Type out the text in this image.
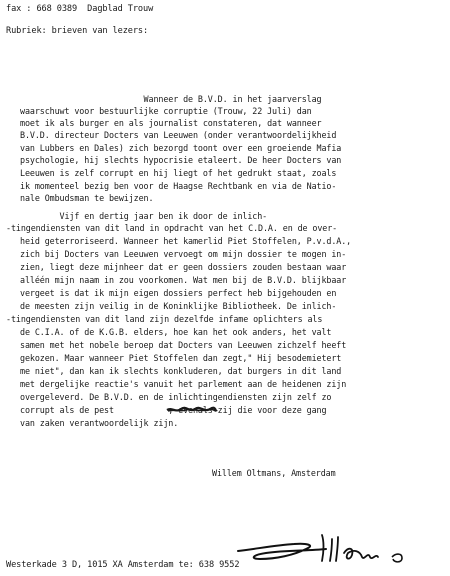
fax : 668 0389  Dagblad Trouw
Rubriek: brieven van lezers:
Wanneer de B.V.D. in het jaarverslag
waarschuwt voor bestuurlijke corruptie (Trouw, 22 Juli) dan
moet ik als burger en als journalist constateren, dat wanneer
B.V.D. directeur Docters van Leeuwen (onder verantwoordelijkheid
van Lubbers en Dales) zich bezorgd toont over een groeiende Mafia
psychologie, hij slechts hypocrisie etaleert. De heer Docters van
Leeuwen is zelf corrupt en hij liegt of het gedrukt staat, zoals
ik momenteel bezig ben voor de Haagse Rechtbank en via de Natio-
nale Ombudsman te bewijzen.
Vijf en dertig jaar ben ik door de inlich-
-tingendiensten van dit land in opdracht van het C.D.A. en de over-
heid geterroriseerd. Wanneer het kamerlid Piet Stoffelen, P.v.d.A.,
zich bij Docters van Leeuwen vervoegt om mijn dossier te mogen in-
zien, liegt deze mijnheer dat er geen dossiers zouden bestaan waar
alléén mijn naam in zou voorkomen. Wat men bij de B.V.D. blijkbaar
vergeet is dat ik mijn eigen dossiers perfect heb bijgehouden en
de meesten zijn veilig in de Koninklijke Bibliotheek. De inlich-
-tingendiensten van dit land zijn dezelfde infame oplichters als
de C.I.A. of de K.G.B. elders, hoe kan het ook anders, het valt
samen met het nobele beroep dat Docters van Leeuwen zichzelf heeft
gekozen. Maar wanneer Piet Stoffelen dan zegt," Hij besodemietert
me niet", dan kan ik slechts konkluderen, dat burgers in dit land
met dergelijke reactie's vanuit het parlement aan de heidenen zijn
overgeleverd. De B.V.D. en de inlichtingendiensten zijn zelf zo
corrupt als de pest           , evenals zij die voor deze gang
van zaken verantwoordelijk zijn.
Willem Oltmans, Amsterdam
Westerkade 3 D, 1015 XA Amsterdam te: 638 9552
